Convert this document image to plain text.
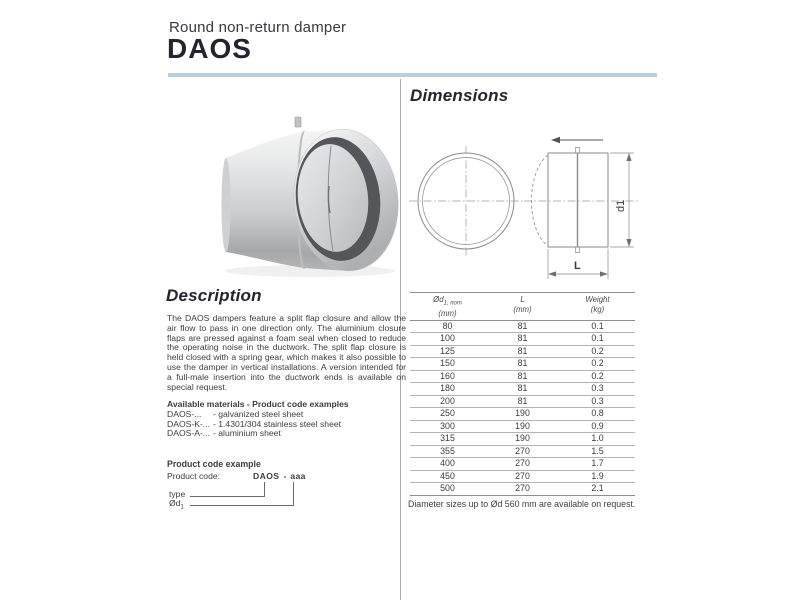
Round non-return damper
DAOS
Description
The DAOS dampers feature a split flap closure and allow the air flow to pass in one direction only. The aluminium closure flaps are pressed against a foam seal when closed to reduce the operating noise in the ductwork. The split flap closure is held closed with a spring gear, which makes it also possible to use the damper in vertical installations. A version intended for a full-male insertion into the ductwork ends is available on special request.
Available materials - Product code examples
DAOS-...	- galvanized steel sheet
DAOS-K-... - 1.4301/304 stainless steel sheet
DAOS-A-... - aluminium sheet
Product code example
Product code:	DAOS - aaa
type
$Ød_1$
Dimensions
d1
L
$Ød_{1, nom}$
(mm)

L
(mm)

Weight
(kg)

80	81	0.1
100	81	0.1
125	81	0.2
150	81	0.2
160	81	0.2
180	81	0.3
200	81	0.3
250	190	0.8
300	190	0.9
315	190	1.0
355	270	1.5
400	270	1.7
450	270	1.9
500	270	2.1
Diameter sizes up to Ød 560 mm are available on request.
